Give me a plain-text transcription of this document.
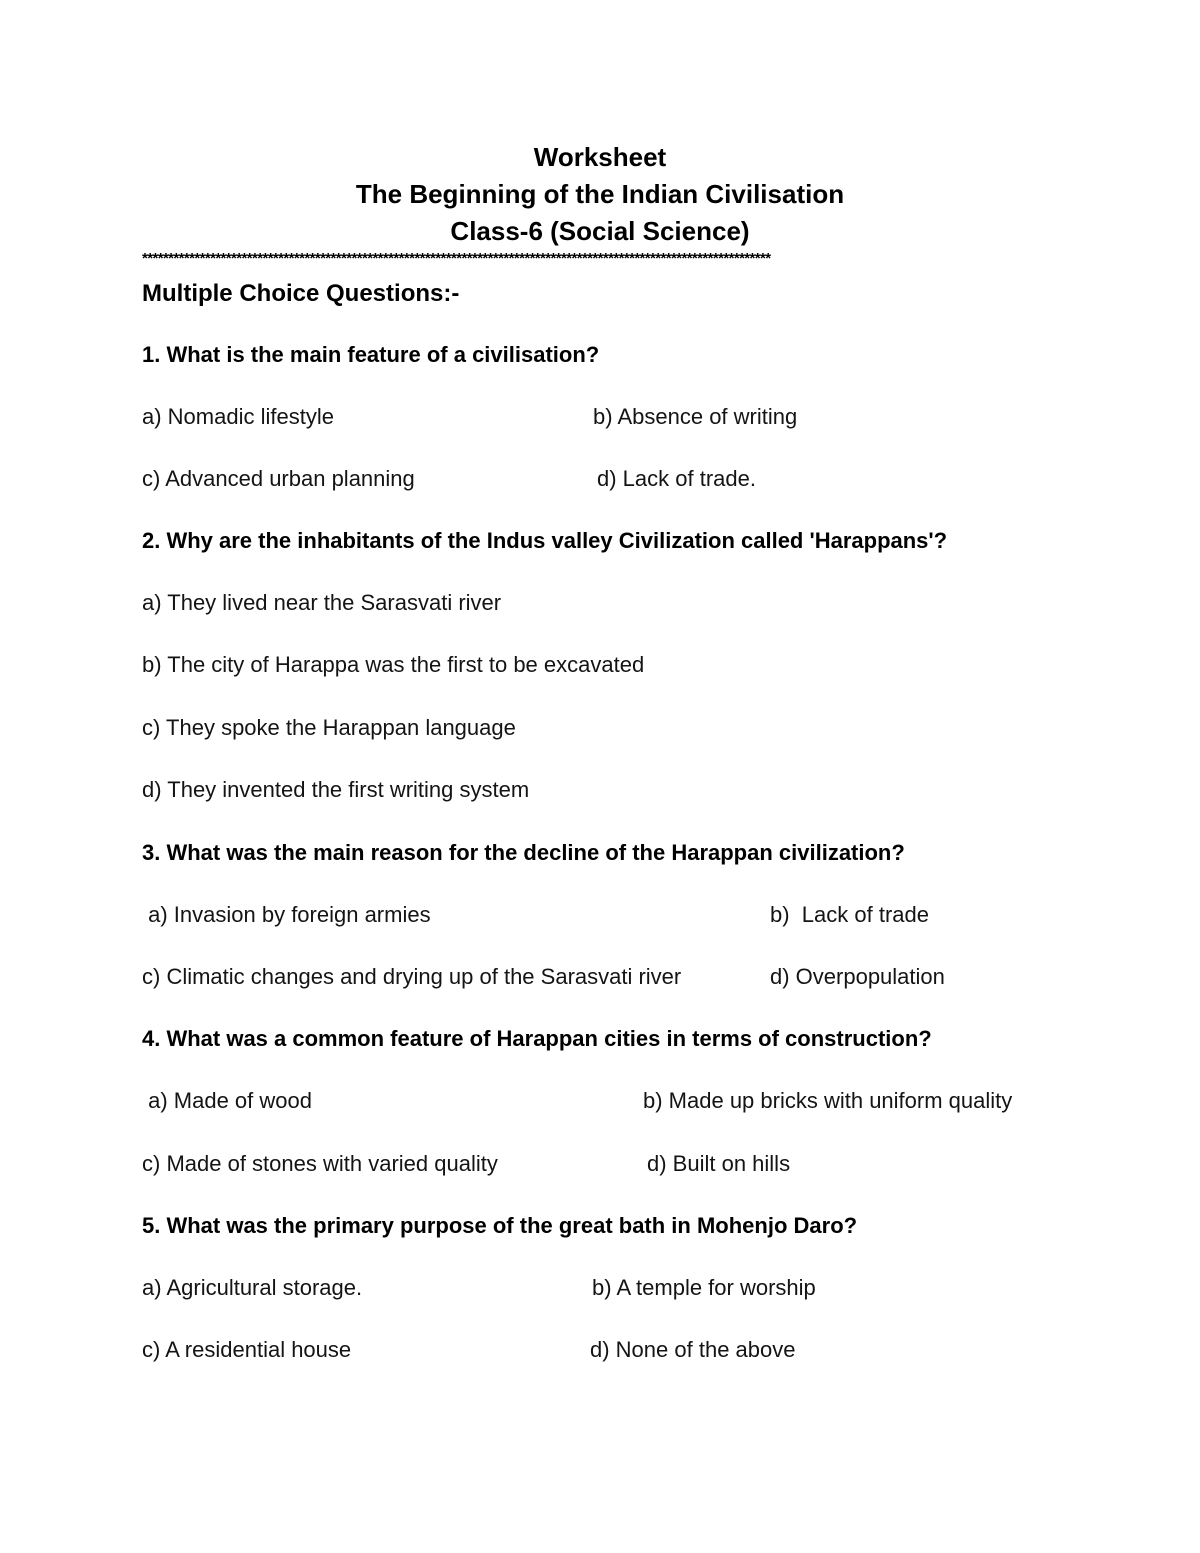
Worksheet
The Beginning of the Indian Civilisation
Class-6 (Social Science)
************************************************************************************************************************
Multiple Choice Questions:-
1. What is the main feature of a civilisation?
a) Nomadic lifestyle	b) Absence of writing
c) Advanced urban planning	d) Lack of trade.
2. Why are the inhabitants of the Indus valley Civilization called 'Harappans'?
a) They lived near the Sarasvati river
b) The city of Harappa was the first to be excavated
c) They spoke the Harappan language
d) They invented the first writing system
3. What was the main reason for the decline of the Harappan civilization?
a) Invasion by foreign armies	b)  Lack of trade
c) Climatic changes and drying up of the Sarasvati river	d) Overpopulation
4. What was a common feature of Harappan cities in terms of construction?
a) Made of wood	b) Made up bricks with uniform quality
c) Made of stones with varied quality	d) Built on hills
5. What was the primary purpose of the great bath in Mohenjo Daro?
a) Agricultural storage.	b) A temple for worship
c) A residential house	d) None of the above
